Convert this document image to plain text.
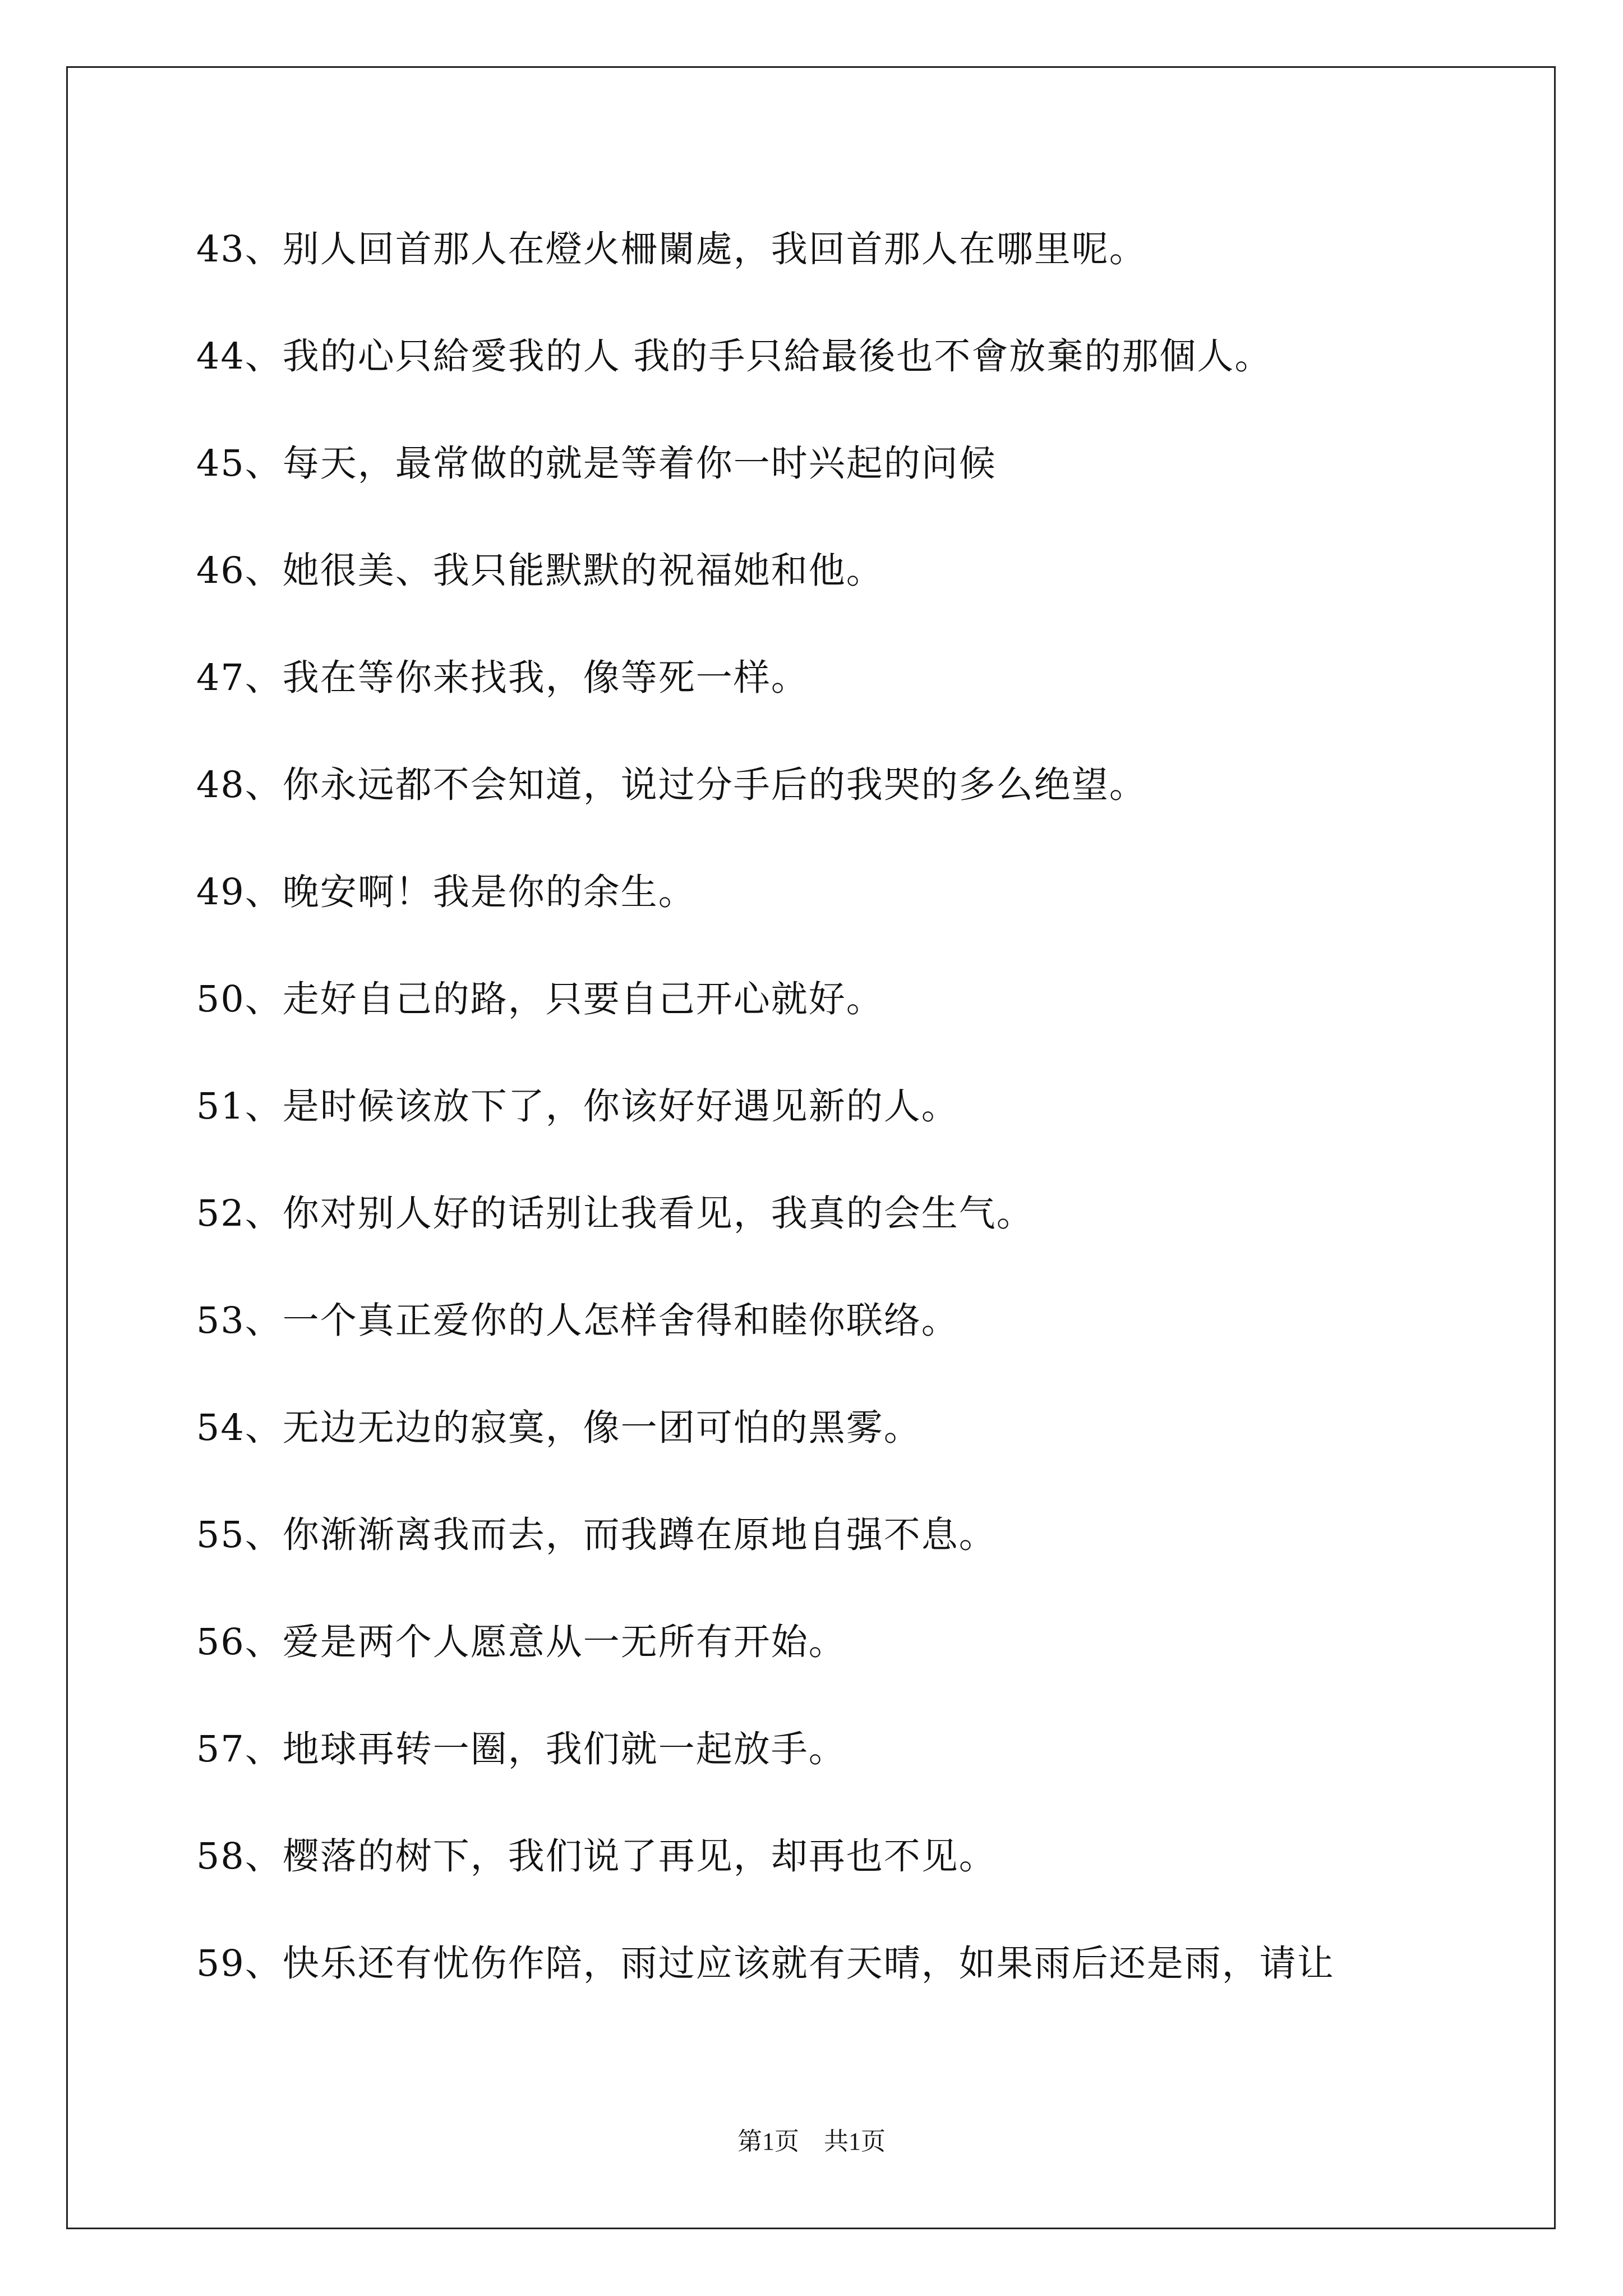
43、别人回首那人在燈火柵闌處，我回首那人在哪里呢。
44、我的心只給愛我的人 我的手只給最後也不會放棄的那個人。
45、每天，最常做的就是等着你一时兴起的问候
46、她很美、我只能默默的祝福她和他。
47、我在等你来找我，像等死一样。
48、你永远都不会知道，说过分手后的我哭的多么绝望。
49、晚安啊！我是你的余生。
50、走好自己的路，只要自己开心就好。
51、是时候该放下了，你该好好遇见新的人。
52、你对别人好的话别让我看见，我真的会生气。
53、一个真正爱你的人怎样舍得和睦你联络。
54、无边无边的寂寞，像一团可怕的黑雾。
55、你渐渐离我而去，而我蹲在原地自强不息。
56、爱是两个人愿意从一无所有开始。
57、地球再转一圈，我们就一起放手。
58、樱落的树下，我们说了再见，却再也不见。
59、快乐还有忧伤作陪，雨过应该就有天晴，如果雨后还是雨，请让
第1页　共1页
